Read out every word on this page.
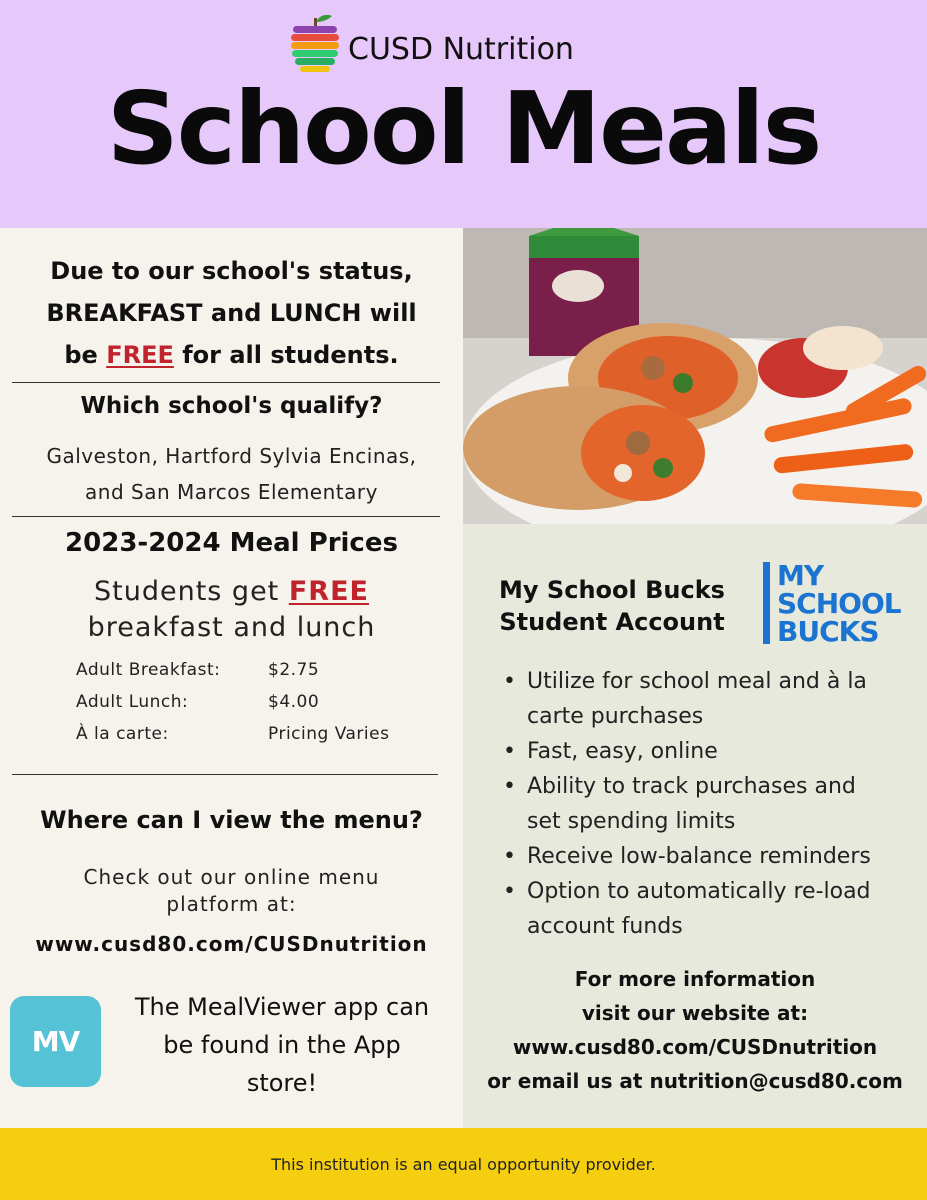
CUSD Nutrition
School Meals
Due to our school's status,
BREAKFAST and LUNCH will
be FREE for all students.
Which school's qualify?
Galveston, Hartford Sylvia Encinas,
and San Marcos Elementary
2023-2024 Meal Prices
Students get FREE
breakfast and lunch
Adult Breakfast:	$2.75
Adult Lunch:	$4.00
À la carte:	Pricing Varies
Where can I view the menu?
Check out our online menu
platform at:
www.cusd80.com/CUSDnutrition
MV
The MealViewer app can
be found in the App
store!
My School Bucks
Student Account
MY
SCHOOL
BUCKS
• Utilize for school meal and à la
carte purchases
• Fast, easy, online
• Ability to track purchases and
set spending limits
• Receive low-balance reminders
• Option to automatically re-load
account funds
For more information
visit our website at:
www.cusd80.com/CUSDnutrition
or email us at nutrition@cusd80.com
This institution is an equal opportunity provider.
